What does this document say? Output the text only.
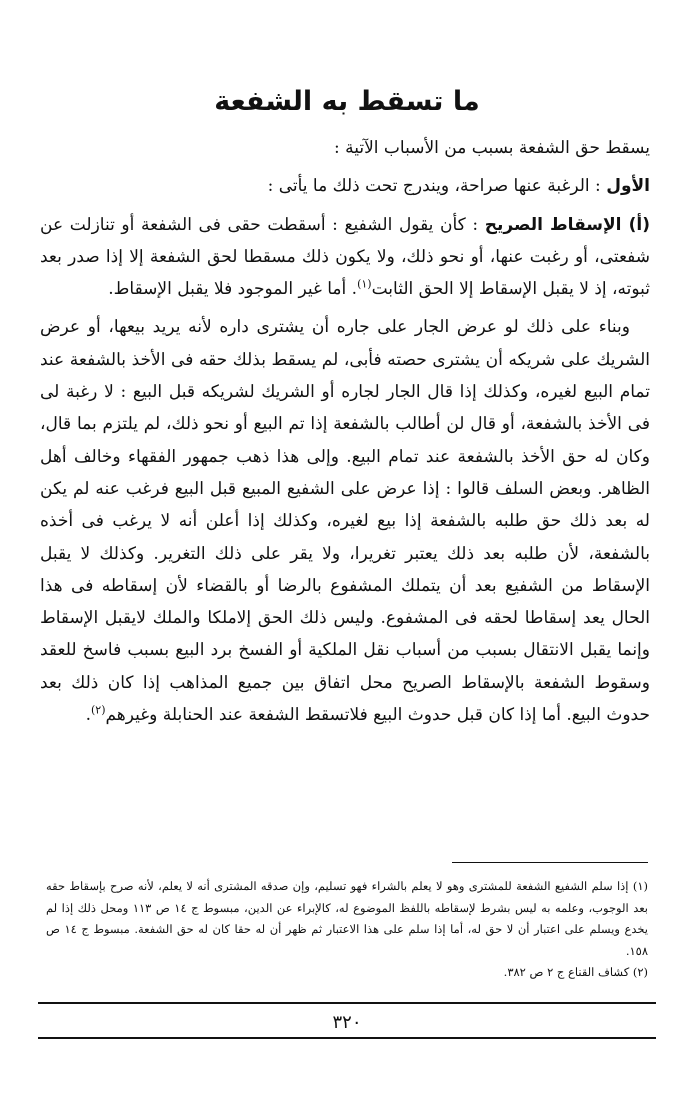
ما تسقط به الشفعة

يسقط حق الشفعة بسبب من الأسباب الآتية :

الأول : الرغبة عنها صراحة، ويندرج تحت ذلك ما يأتى :

(أ) الإسقاط الصريح : كأن يقول الشفيع : أسقطت حقى فى الشفعة أو تنازلت عن شفعتى، أو رغبت عنها، أو نحو ذلك، ولا يكون ذلك مسقطا لحق الشفعة إلا إذا صدر بعد ثبوته، إذ لا يقبل الإسقاط إلا الحق الثابت$^{(١)}$. أما غير الموجود فلا يقبل الإسقاط.

وبناء على ذلك لو عرض الجار على جاره أن يشترى داره لأنه يريد بيعها، أو عرض الشريك على شريكه أن يشترى حصته فأبى، لم يسقط بذلك حقه فى الأخذ بالشفعة عند تمام البيع لغيره، وكذلك إذا قال الجار لجاره أو الشريك لشريكه قبل البيع : لا رغبة لى فى الأخذ بالشفعة، أو قال لن أطالب بالشفعة إذا تم البيع أو نحو ذلك، لم يلتزم بما قال، وكان له حق الأخذ بالشفعة عند تمام البيع. وإلى هذا ذهب جمهور الفقهاء وخالف أهل الظاهر. وبعض السلف قالوا : إذا عرض على الشفيع المبيع قبل البيع فرغب عنه لم يكن له بعد ذلك حق طلبه بالشفعة إذا بيع لغيره، وكذلك إذا أعلن أنه لا يرغب فى أخذه بالشفعة، لأن طلبه بعد ذلك يعتبر تغريرا، ولا يقر على ذلك التغرير. وكذلك لا يقبل الإسقاط من الشفيع بعد أن يتملك المشفوع بالرضا أو بالقضاء لأن إسقاطه فى هذا الحال يعد إسقاطا لحقه فى المشفوع. وليس ذلك الحق إلاملكا والملك لايقبل الإسقاط وإنما يقبل الانتقال بسبب من أسباب نقل الملكية أو الفسخ برد البيع بسبب فاسخ للعقد وسقوط الشفعة بالإسقاط الصريح محل اتفاق بين جميع المذاهب إذا كان ذلك بعد حدوث البيع. أما إذا كان قبل حدوث البيع فلاتسقط الشفعة عند الحنابلة وغيرهم$^{(٢)}$.

(١) إذا سلم الشفيع الشفعة للمشترى وهو لا يعلم بالشراء فهو تسليم، وإن صدقه المشترى أنه لا يعلم، لأنه صرح بإسقاط حقه بعد الوجوب، وعلمه به ليس بشرط لإسقاطه باللفظ الموضوع له، كالإبراء عن الدين، مبسوط ج ١٤ ص ١١٣ ومحل ذلك إذا لم يخدع ويسلم على اعتبار أن لا حق له، أما إذا سلم على هذا الاعتبار ثم ظهر أن له حقا كان له حق الشفعة. مبسوط ج ١٤ ص ١٥٨.

(٢) كشاف القناع ج ٢ ص ٣٨٢.

٣٢٠
